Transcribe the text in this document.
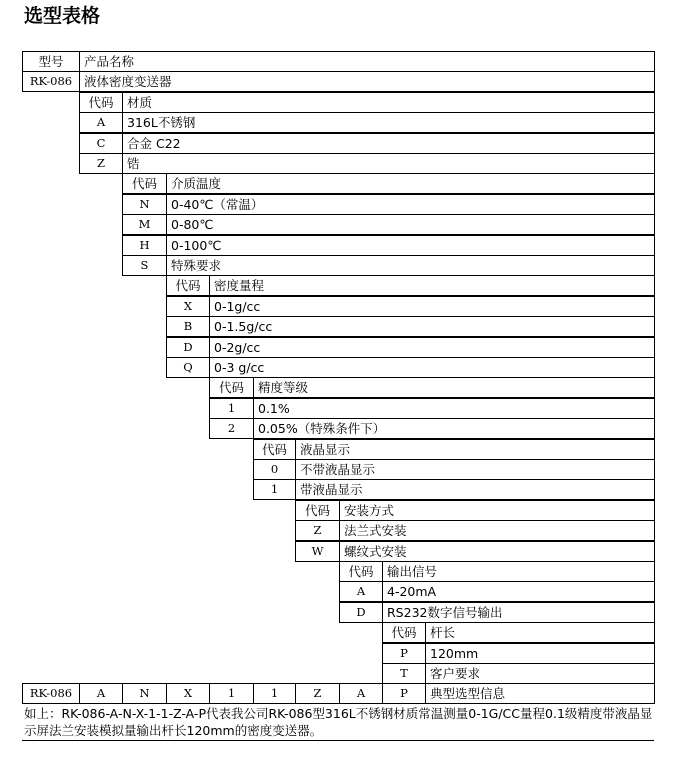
选型表格
型号	产品名称
RK-086 液体密度变送器
代码	材质
A	316L不锈钢
C	合金 C22
Z	锆
代码	介质温度
N	0-40℃（常温）
M	0-80℃
H	0-100℃
S	特殊要求
代码	密度量程
X	0-1g/cc
B	0-1.5g/cc
D	0-2g/cc
Q	0-3 g/cc
代码	精度等级
1	0.1%
2	0.05%（特殊条件下）
代码	液晶显示
0	不带液晶显示
1	带液晶显示
代码	安装方式
Z	法兰式安装
W	螺纹式安装
代码	输出信号
A	4-20mA
D	RS232数字信号输出
代码	杆长
P	120mm
T	客户要求
RK-086	A	N	X	1	1	Z	A	P	典型选型信息
如上：RK-086-A-N-X-1-1-Z-A-P代表我公司RK-086型316L不锈钢材质常温测量0-1G/CC量程0.1级精度带液晶显示屏法兰安装模拟量输出杆长120mm的密度变送器。
